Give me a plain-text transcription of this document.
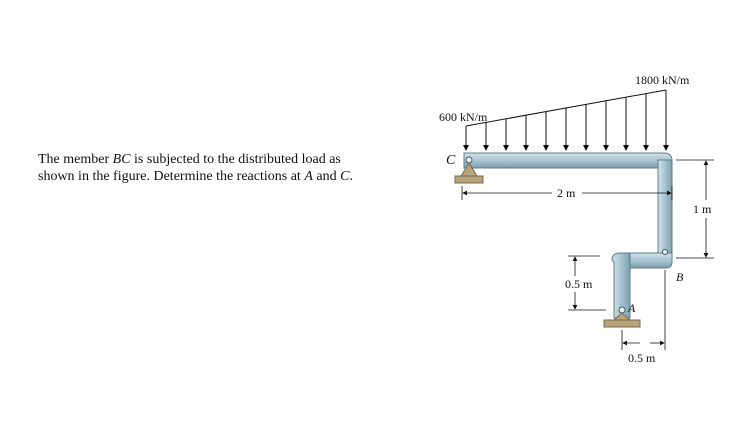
The member BC is subjected to the distributed load as
shown in the figure. Determine the reactions at A and C.
600 kN/m
1800 kN/m
C
B
A
2 m
1 m
0.5 m
0.5 m
